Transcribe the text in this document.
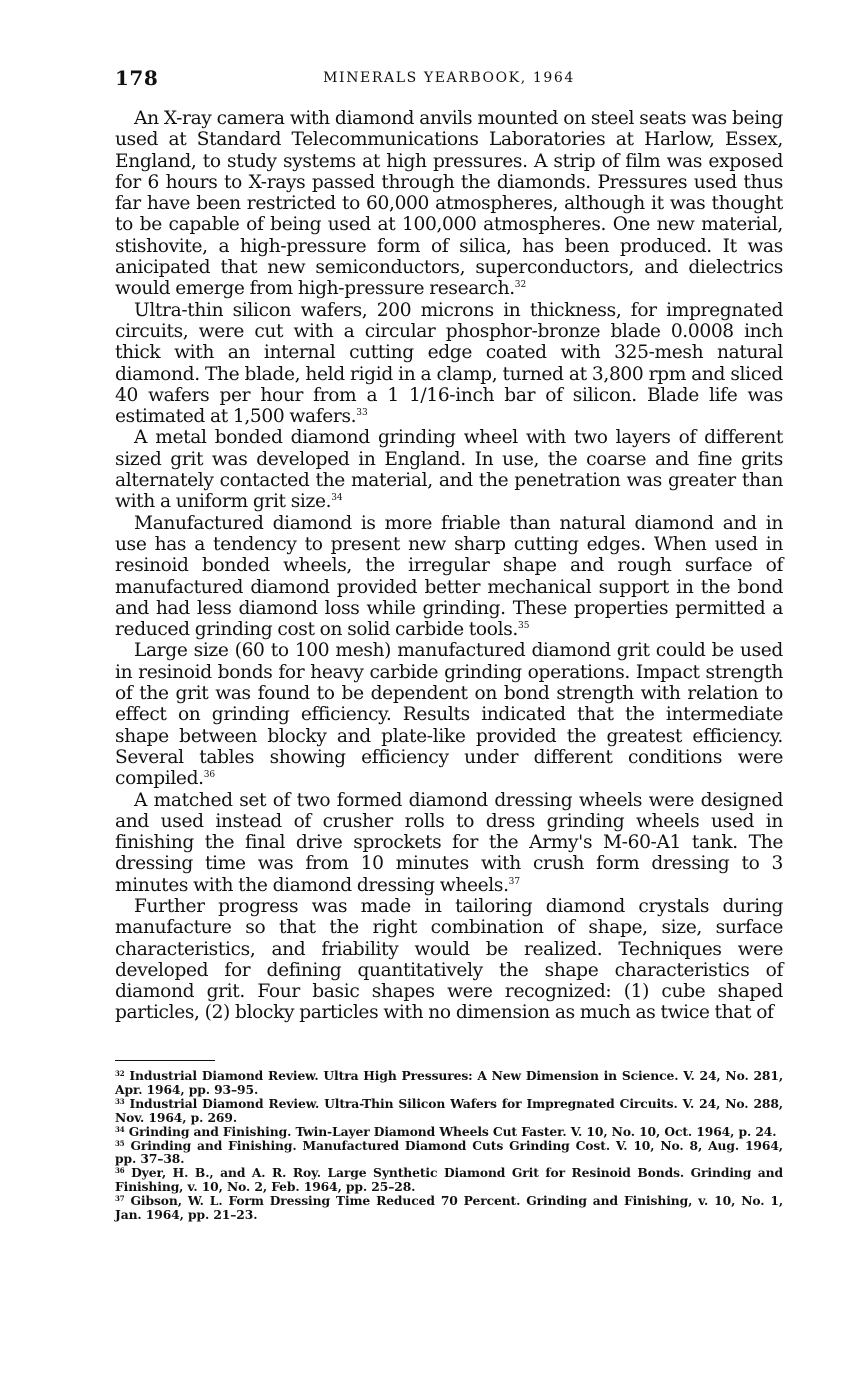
178	MINERALS YEARBOOK, 1964

An X-ray camera with diamond anvils mounted on steel seats was being used at Standard Telecommunications Laboratories at Harlow, Essex, England, to study systems at high pressures. A strip of film was exposed for 6 hours to X-rays passed through the diamonds. Pressures used thus far have been restricted to 60,000 atmospheres, although it was thought to be capable of being used at 100,000 atmospheres. One new material, stishovite, a high-pressure form of silica, has been produced. It was anicipated that new semiconductors, superconductors, and dielectrics would emerge from high-pressure research.$^{32}$

Ultra-thin silicon wafers, 200 microns in thickness, for impregnated circuits, were cut with a circular phosphor-bronze blade 0.0008 inch thick with an internal cutting edge coated with 325-mesh natural diamond. The blade, held rigid in a clamp, turned at 3,800 rpm and sliced 40 wafers per hour from a 1 1/16-inch bar of silicon. Blade life was estimated at 1,500 wafers.$^{33}$

A metal bonded diamond grinding wheel with two layers of different sized grit was developed in England. In use, the coarse and fine grits alternately contacted the material, and the penetration was greater than with a uniform grit size.$^{34}$

Manufactured diamond is more friable than natural diamond and in use has a tendency to present new sharp cutting edges. When used in resinoid bonded wheels, the irregular shape and rough surface of manufactured diamond provided better mechanical support in the bond and had less diamond loss while grinding. These properties permitted a reduced grinding cost on solid carbide tools.$^{35}$

Large size (60 to 100 mesh) manufactured diamond grit could be used in resinoid bonds for heavy carbide grinding operations. Impact strength of the grit was found to be dependent on bond strength with relation to effect on grinding efficiency. Results indicated that the intermediate shape between blocky and plate-like provided the greatest efficiency. Several tables showing efficiency under different conditions were compiled.$^{36}$

A matched set of two formed diamond dressing wheels were designed and used instead of crusher rolls to dress grinding wheels used in finishing the final drive sprockets for the Army's M-60-A1 tank. The dressing time was from 10 minutes with crush form dressing to 3 minutes with the diamond dressing wheels.$^{37}$

Further progress was made in tailoring diamond crystals during manufacture so that the right combination of shape, size, surface characteristics, and friability would be realized. Techniques were developed for defining quantitatively the shape characteristics of diamond grit. Four basic shapes were recognized: (1) cube shaped particles, (2) blocky particles with no dimension as much as twice that of

$^{32}$ Industrial Diamond Review. Ultra High Pressures: A New Dimension in Science. V. 24, No. 281, Apr. 1964, pp. 93–95.

$^{33}$ Industrial Diamond Review. Ultra-Thin Silicon Wafers for Impregnated Circuits. V. 24, No. 288, Nov. 1964, p. 269.

$^{34}$ Grinding and Finishing. Twin-Layer Diamond Wheels Cut Faster. V. 10, No. 10, Oct. 1964, p. 24.

$^{35}$ Grinding and Finishing. Manufactured Diamond Cuts Grinding Cost. V. 10, No. 8, Aug. 1964, pp. 37–38.

$^{36}$ Dyer, H. B., and A. R. Roy. Large Synthetic Diamond Grit for Resinoid Bonds. Grinding and Finishing, v. 10, No. 2, Feb. 1964, pp. 25–28.

$^{37}$ Gibson, W. L. Form Dressing Time Reduced 70 Percent. Grinding and Finishing, v. 10, No. 1, Jan. 1964, pp. 21–23.
